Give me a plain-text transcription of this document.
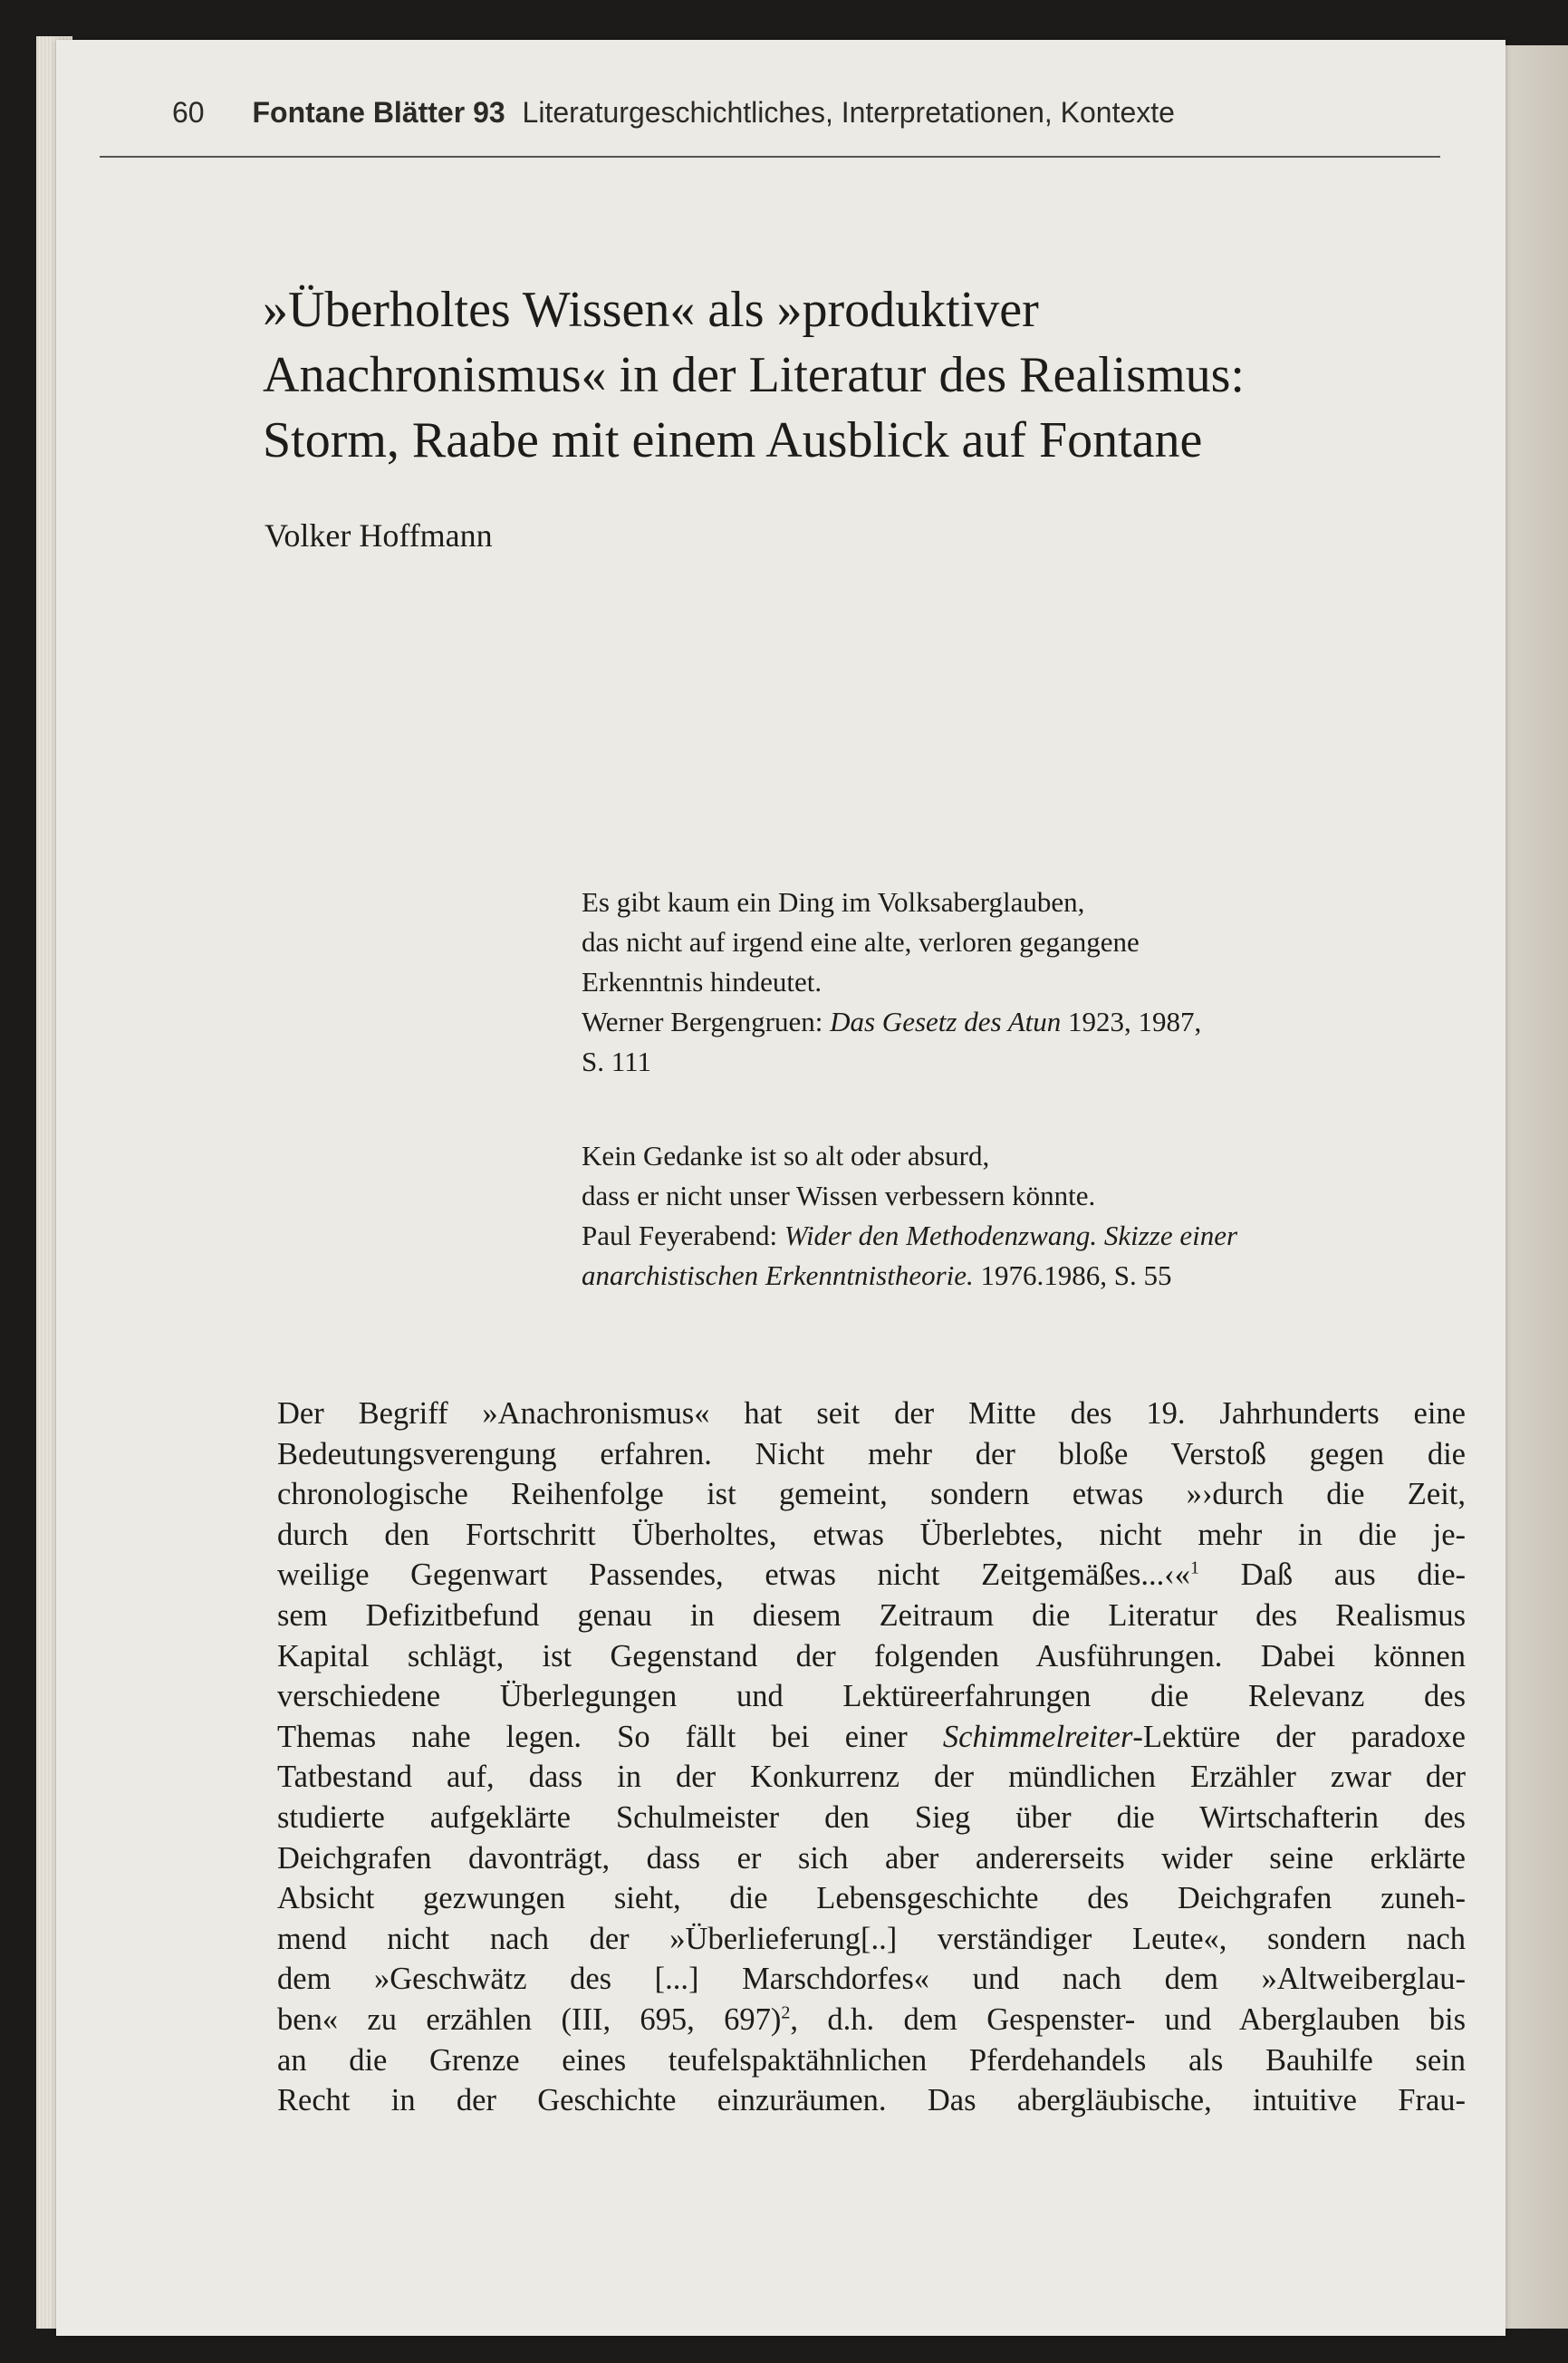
60 Fontane Blätter 93 Literaturgeschichtliches, Interpretationen, Kontexte
»Überholtes Wissen« als »produktiver
Anachronismus« in der Literatur des Realismus:
Storm, Raabe mit einem Ausblick auf Fontane
Volker Hoffmann

Es gibt kaum ein Ding im Volksaberglauben,

das nicht auf irgend eine alte, verloren gegangene

Erkenntnis hindeutet.

Werner Bergengruen: Das Gesetz des Atun 1923, 1987,

S. 111

Kein Gedanke ist so alt oder absurd,

dass er nicht unser Wissen verbessern könnte.

Paul Feyerabend: Wider den Methodenzwang. Skizze einer

anarchistischen Erkenntnistheorie. 1976.1986, S. 55

Der Begriff »Anachronismus« hat seit der Mitte des 19. Jahrhunderts eine
Bedeutungsverengung erfahren. Nicht mehr der bloße Verstoß gegen die
chronologische Reihenfolge ist gemeint, sondern etwas »›durch die Zeit,
durch den Fortschritt Überholtes, etwas Überlebtes, nicht mehr in die je-
weilige Gegenwart Passendes, etwas nicht Zeitgemäßes...‹«$^1$ Daß aus die-
sem Defizitbefund genau in diesem Zeitraum die Literatur des Realismus
Kapital schlägt, ist Gegenstand der folgenden Ausführungen. Dabei können
verschiedene Überlegungen und Lektüreerfahrungen die Relevanz des
Themas nahe legen. So fällt bei einer Schimmelreiter-Lektüre der paradoxe
Tatbestand auf, dass in der Konkurrenz der mündlichen Erzähler zwar der
studierte aufgeklärte Schulmeister den Sieg über die Wirtschafterin des
Deichgrafen davonträgt, dass er sich aber andererseits wider seine erklärte
Absicht gezwungen sieht, die Lebensgeschichte des Deichgrafen zuneh-
mend nicht nach der »Überlieferung[..] verständiger Leute«, sondern nach
dem »Geschwätz des [...] Marschdorfes« und nach dem »Altweiberglau-
ben« zu erzählen (III, 695, 697)$^2$, d.h. dem Gespenster- und Aberglauben bis
an die Grenze eines teufelspaktähnlichen Pferdehandels als Bauhilfe sein
Recht in der Geschichte einzuräumen. Das abergläubische, intuitive Frau-
